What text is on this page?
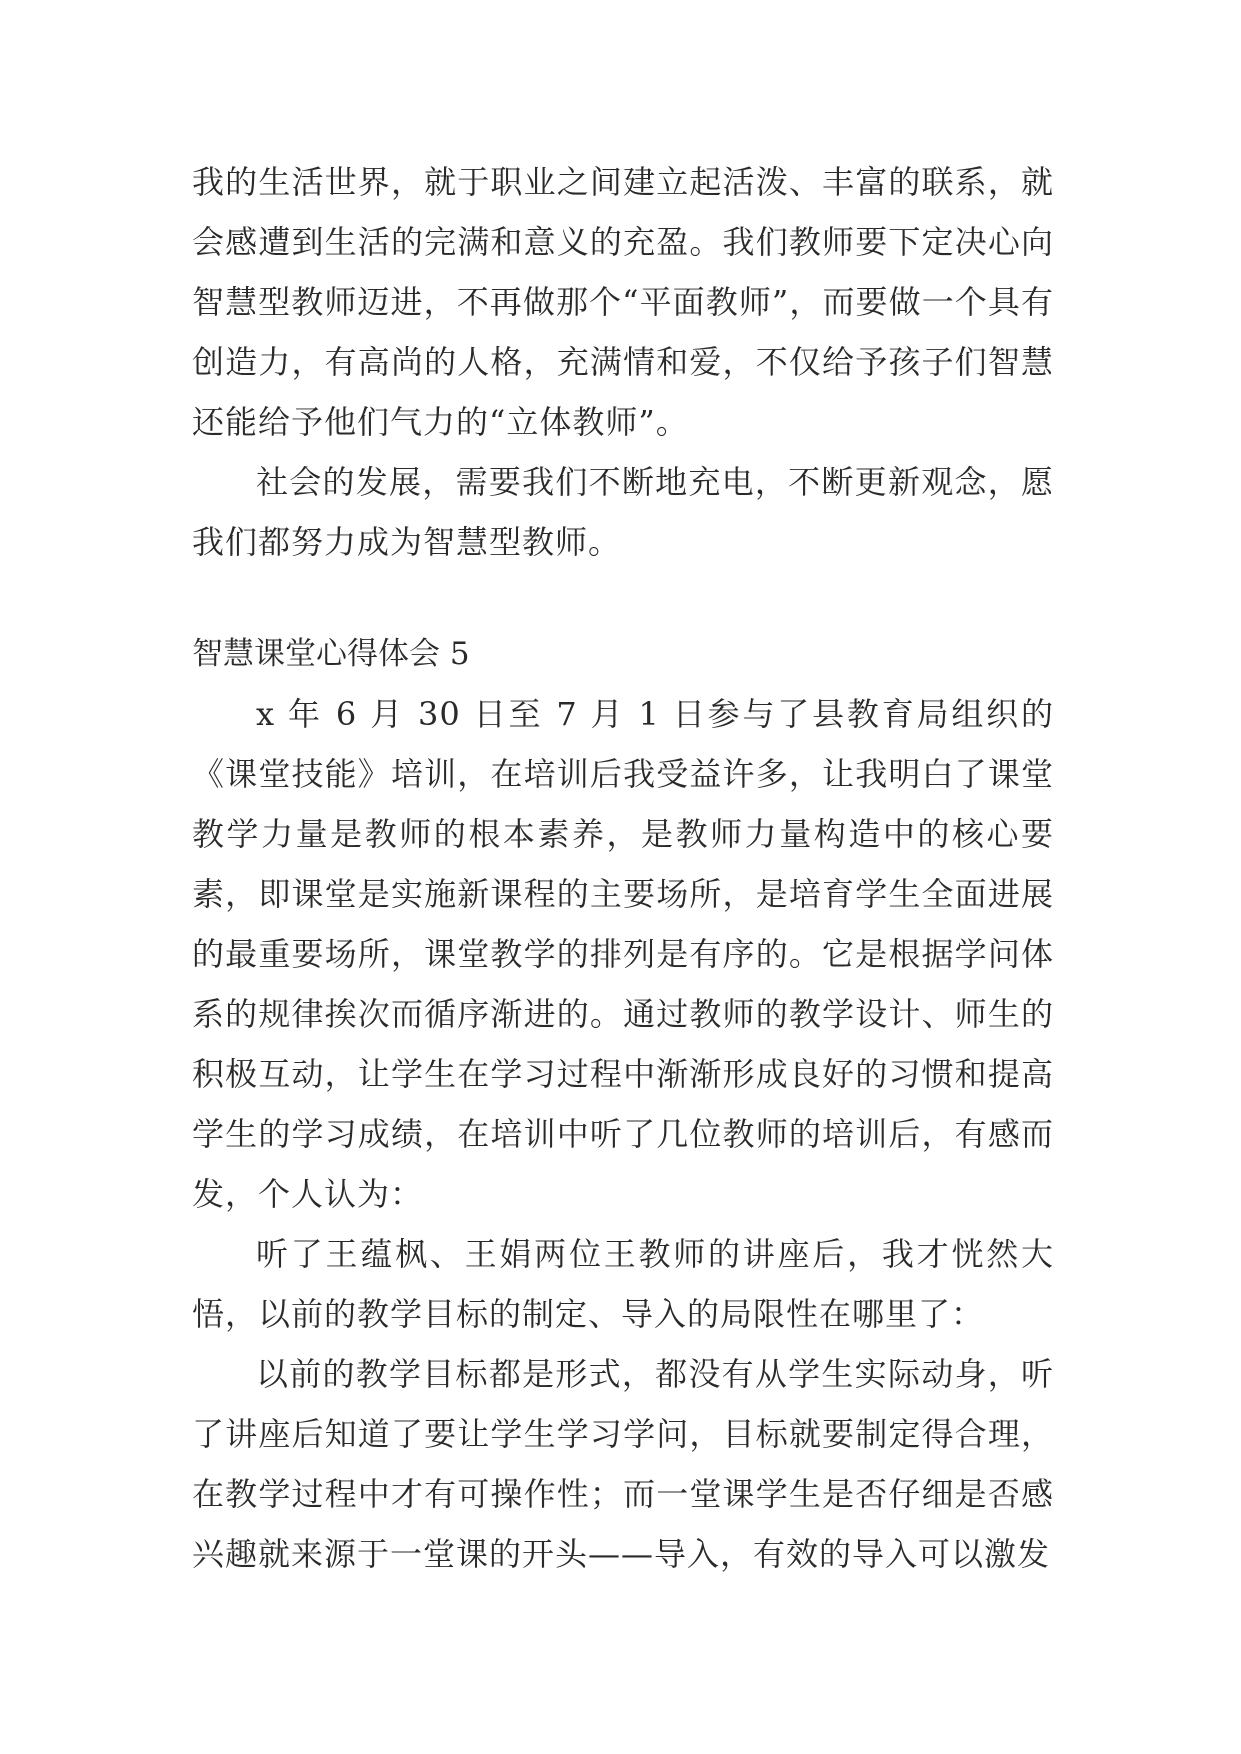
我的生活世界，就于职业之间建立起活泼、丰富的联系，就会感遭到生活的完满和意义的充盈。我们教师要下定决心向智慧型教师迈进，不再做那个“平面教师”，而要做一个具有创造力，有高尚的人格，充满情和爱，不仅给予孩子们智慧还能给予他们气力的“立体教师”。

社会的发展，需要我们不断地充电，不断更新观念，愿我们都努力成为智慧型教师。

智慧课堂心得体会 5

x 年 6 月 30 日至 7 月 1 日参与了县教育局组织的《课堂技能》培训，在培训后我受益许多，让我明白了课堂教学力量是教师的根本素养，是教师力量构造中的核心要素，即课堂是实施新课程的主要场所，是培育学生全面进展的最重要场所，课堂教学的排列是有序的。它是根据学问体系的规律挨次而循序渐进的。通过教师的教学设计、师生的积极互动，让学生在学习过程中渐渐形成良好的习惯和提高学生的学习成绩，在培训中听了几位教师的培训后，有感而发，个人认为：

听了王蕴枫、王娟两位王教师的讲座后，我才恍然大悟，以前的教学目标的制定、导入的局限性在哪里了：

以前的教学目标都是形式，都没有从学生实际动身，听了讲座后知道了要让学生学习学问，目标就要制定得合理，在教学过程中才有可操作性；而一堂课学生是否仔细是否感兴趣就来源于一堂课的开头——导入，有效的导入可以激发
